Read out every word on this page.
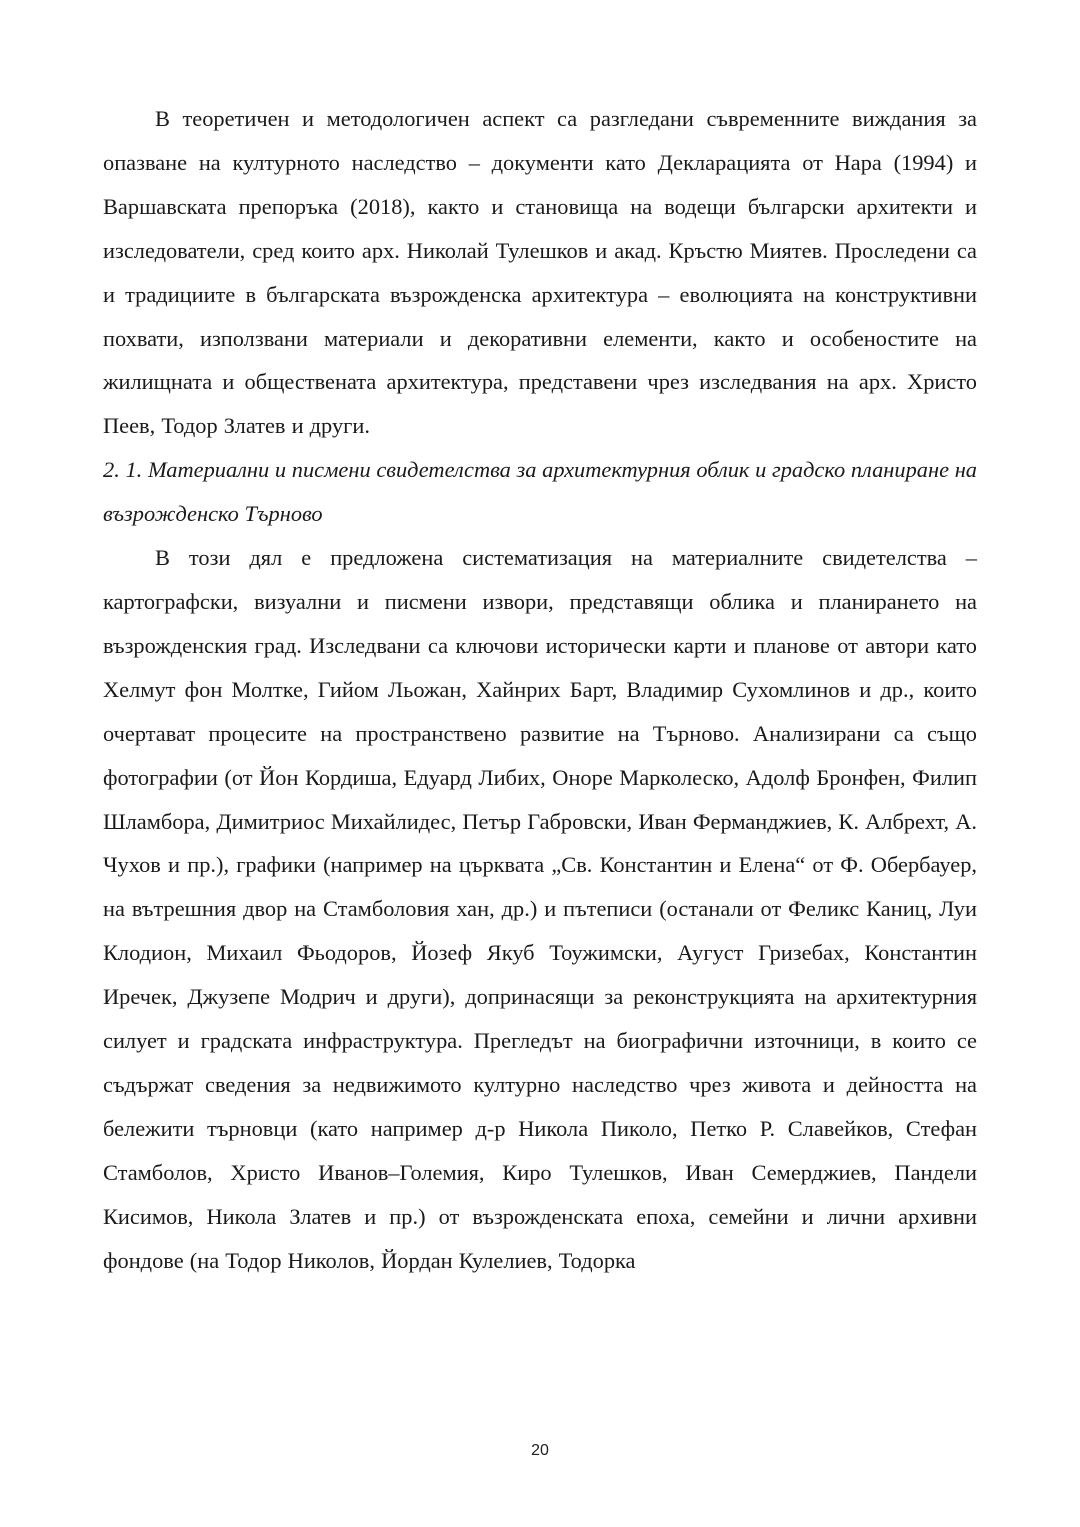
В теоретичен и методологичен аспект са разгледани съвременните виждания за опазване на културното наследство – документи като Декларацията от Нара (1994) и Варшавската препоръка (2018), както и становища на водещи български архитекти и изследователи, сред които арх. Николай Тулешков и акад. Кръстю Миятев. Проследени са и традициите в българската възрожденска архитектура – еволюцията на конструктивни похвати, използвани материали и декоративни елементи, както и особеностите на жилищната и обществената архитектура, представени чрез изследвания на арх. Христо Пеев, Тодор Златев и други.

2. 1. Материални и писмени свидетелства за архитектурния облик и градско планиране на възрожденско Търново

В този дял е предложена систематизация на материалните свидетелства – картографски, визуални и писмени извори, представящи облика и планирането на възрожденския град. Изследвани са ключови исторически карти и планове от автори като Хелмут фон Молтке, Гийом Льожан, Хайнрих Барт, Владимир Сухомлинов и др., които очертават процесите на пространствено развитие на Търново. Анализирани са също фотографии (от Йон Кордиша, Едуард Либих, Оноре Марколеско, Адолф Бронфен, Филип Шламбора, Димитриос Михайлидес, Петър Габровски, Иван Ферманджиев, К. Албрехт, А. Чухов и пр.), графики (например на църквата „Св. Константин и Елена“ от Ф. Обербауер, на вътрешния двор на Стамболовия хан, др.) и пътеписи (останали от Феликс Каниц, Луи Клодион, Михаил Фьодоров, Йозеф Якуб Тоужимски, Аугуст Гризебах, Константин Иречек, Джузепе Модрич и други), допринасящи за реконструкцията на архитектурния силует и градската инфраструктура. Прегледът на биографични източници, в които се съдържат сведения за недвижимото културно наследство чрез живота и дейността на бележити търновци (като например д-р Никола Пиколо, Петко Р. Славейков, Стефан Стамболов, Христо Иванов–Големия, Киро Тулешков, Иван Семерджиев, Пандели Кисимов, Никола Златев и пр.) от възрожденската епоха, семейни и лични архивни фондове (на Тодор Николов, Йордан Кулелиев, Тодорка

20
